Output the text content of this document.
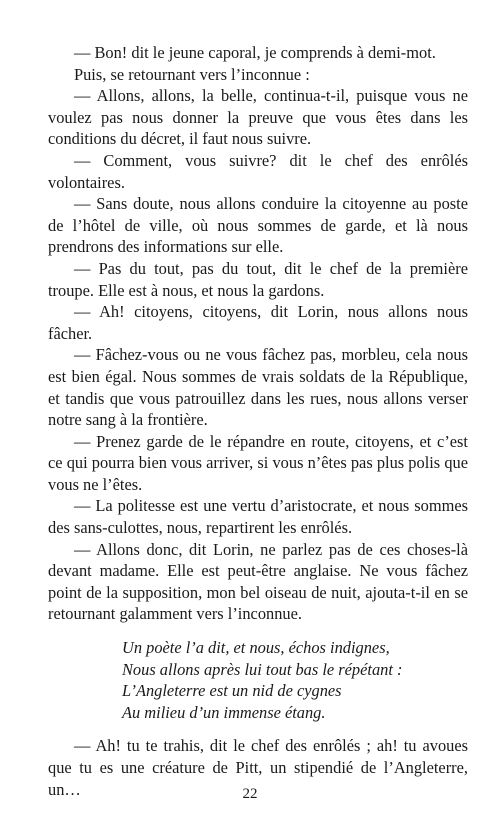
— Bon! dit le jeune caporal, je comprends à demi-mot.

Puis, se retournant vers l’inconnue :

— Allons, allons, la belle, continua-t-il, puisque vous ne voulez pas nous donner la preuve que vous êtes dans les conditions du décret, il faut nous suivre.

— Comment, vous suivre? dit le chef des enrôlés volontaires.

— Sans doute, nous allons conduire la citoyenne au poste de l’hôtel de ville, où nous sommes de garde, et là nous prendrons des informations sur elle.

— Pas du tout, pas du tout, dit le chef de la première troupe. Elle est à nous, et nous la gardons.

— Ah! citoyens, citoyens, dit Lorin, nous allons nous fâcher.

— Fâchez-vous ou ne vous fâchez pas, morbleu, cela nous est bien égal. Nous sommes de vrais soldats de la République, et tandis que vous patrouillez dans les rues, nous allons verser notre sang à la frontière.

— Prenez garde de le répandre en route, citoyens, et c’est ce qui pourra bien vous arriver, si vous n’êtes pas plus polis que vous ne l’êtes.

— La politesse est une vertu d’aristocrate, et nous sommes des sans-culottes, nous, repartirent les enrôlés.

— Allons donc, dit Lorin, ne parlez pas de ces choses-là devant madame. Elle est peut-être anglaise. Ne vous fâchez point de la supposition, mon bel oiseau de nuit, ajouta-t-il en se retournant galamment vers l’inconnue.

Un poète l’a dit, et nous, échos indignes,
Nous allons après lui tout bas le répétant :
L’Angleterre est un nid de cygnes
Au milieu d’un immense étang.

— Ah! tu te trahis, dit le chef des enrôlés ; ah! tu avoues que tu es une créature de Pitt, un stipendié de l’Angleterre, un…	22
